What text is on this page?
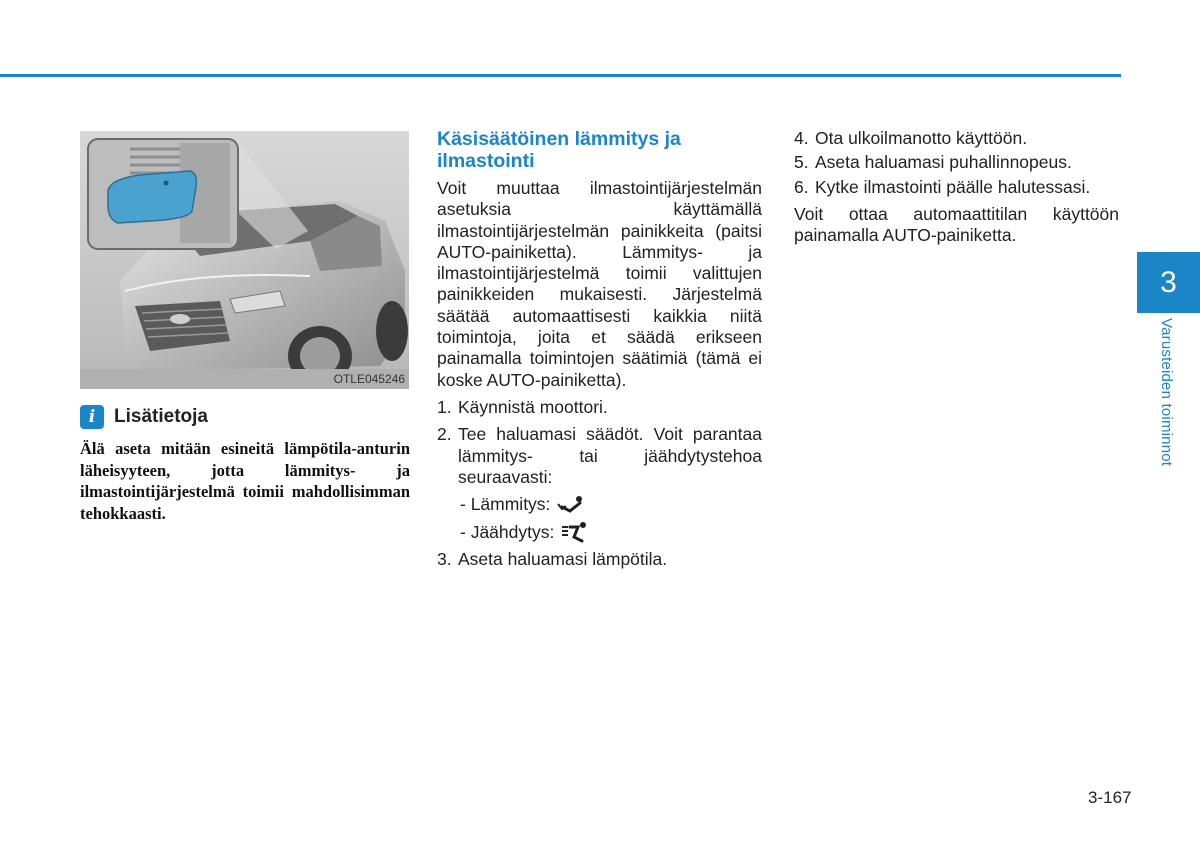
OTLE045246
i Lisätietoja
Älä aseta mitään esineitä lämpötila-anturin läheisyyteen, jotta lämmitys- ja ilmastointijärjestelmä toimii mahdollisimman tehokkaasti.
Käsisäätöinen lämmitys ja ilmastointi

Voit muuttaa ilmastointijärjestelmän asetuksia käyttämällä ilmastointijärjestelmän painikkeita (paitsi AUTO-painiketta). Lämmitys- ja ilmastointijärjestelmä toimii valittujen painikkeiden mukaisesti. Järjestelmä säätää automaattisesti kaikkia niitä toimintoja, joita et säädä erikseen painamalla toimintojen säätimiä (tämä ei koske AUTO-painiketta).

1. Käynnistä moottori.
2. Tee haluamasi säädöt. Voit parantaa lämmitys- tai jäähdytystehoa seuraavasti:
- Lämmitys:
- Jäähdytys:
3. Aseta haluamasi lämpötila.
4. Ota ulkoilmanotto käyttöön.
5. Aseta haluamasi puhallinnopeus.
6. Kytke ilmastointi päälle halutessasi.

Voit ottaa automaattitilan käyttöön painamalla AUTO-painiketta.

3
Varusteiden toiminnot
3-167
